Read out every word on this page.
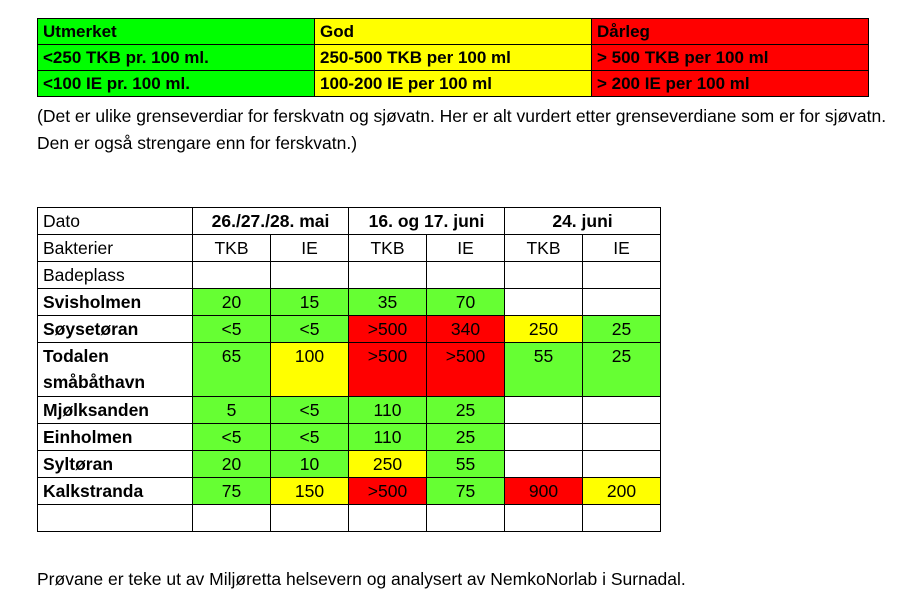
Utmerket	God	Dårleg
<250 TKB pr. 100 ml.	250-500 TKB per 100 ml	> 500 TKB per 100 ml
<100 IE pr. 100 ml.	100-200 IE per 100 ml	> 200 IE per 100 ml
(Det er ulike grenseverdiar for ferskvatn og sjøvatn. Her er alt vurdert etter grenseverdiane som er for sjøvatn. Den er også strengare enn for ferskvatn.)
Dato	26./27./28. mai		16. og 17. juni		24. juni	
Bakterier	TKB	IE	TKB	IE	TKB	IE
Badeplass						
Svisholmen	20	15	35	70		
Søysetøran	<5	<5	>500	340	250	25
Todalen småbåthavn	65	100	>500	>500	55	25
Mjølksanden	5	<5	110	25		
Einholmen	<5	<5	110	25		
Syltøran	20	10	250	55		
Kalkstranda	75	150	>500	75	900	200

Prøvane er teke ut av Miljøretta helsevern og analysert av NemkoNorlab i Surnadal.
